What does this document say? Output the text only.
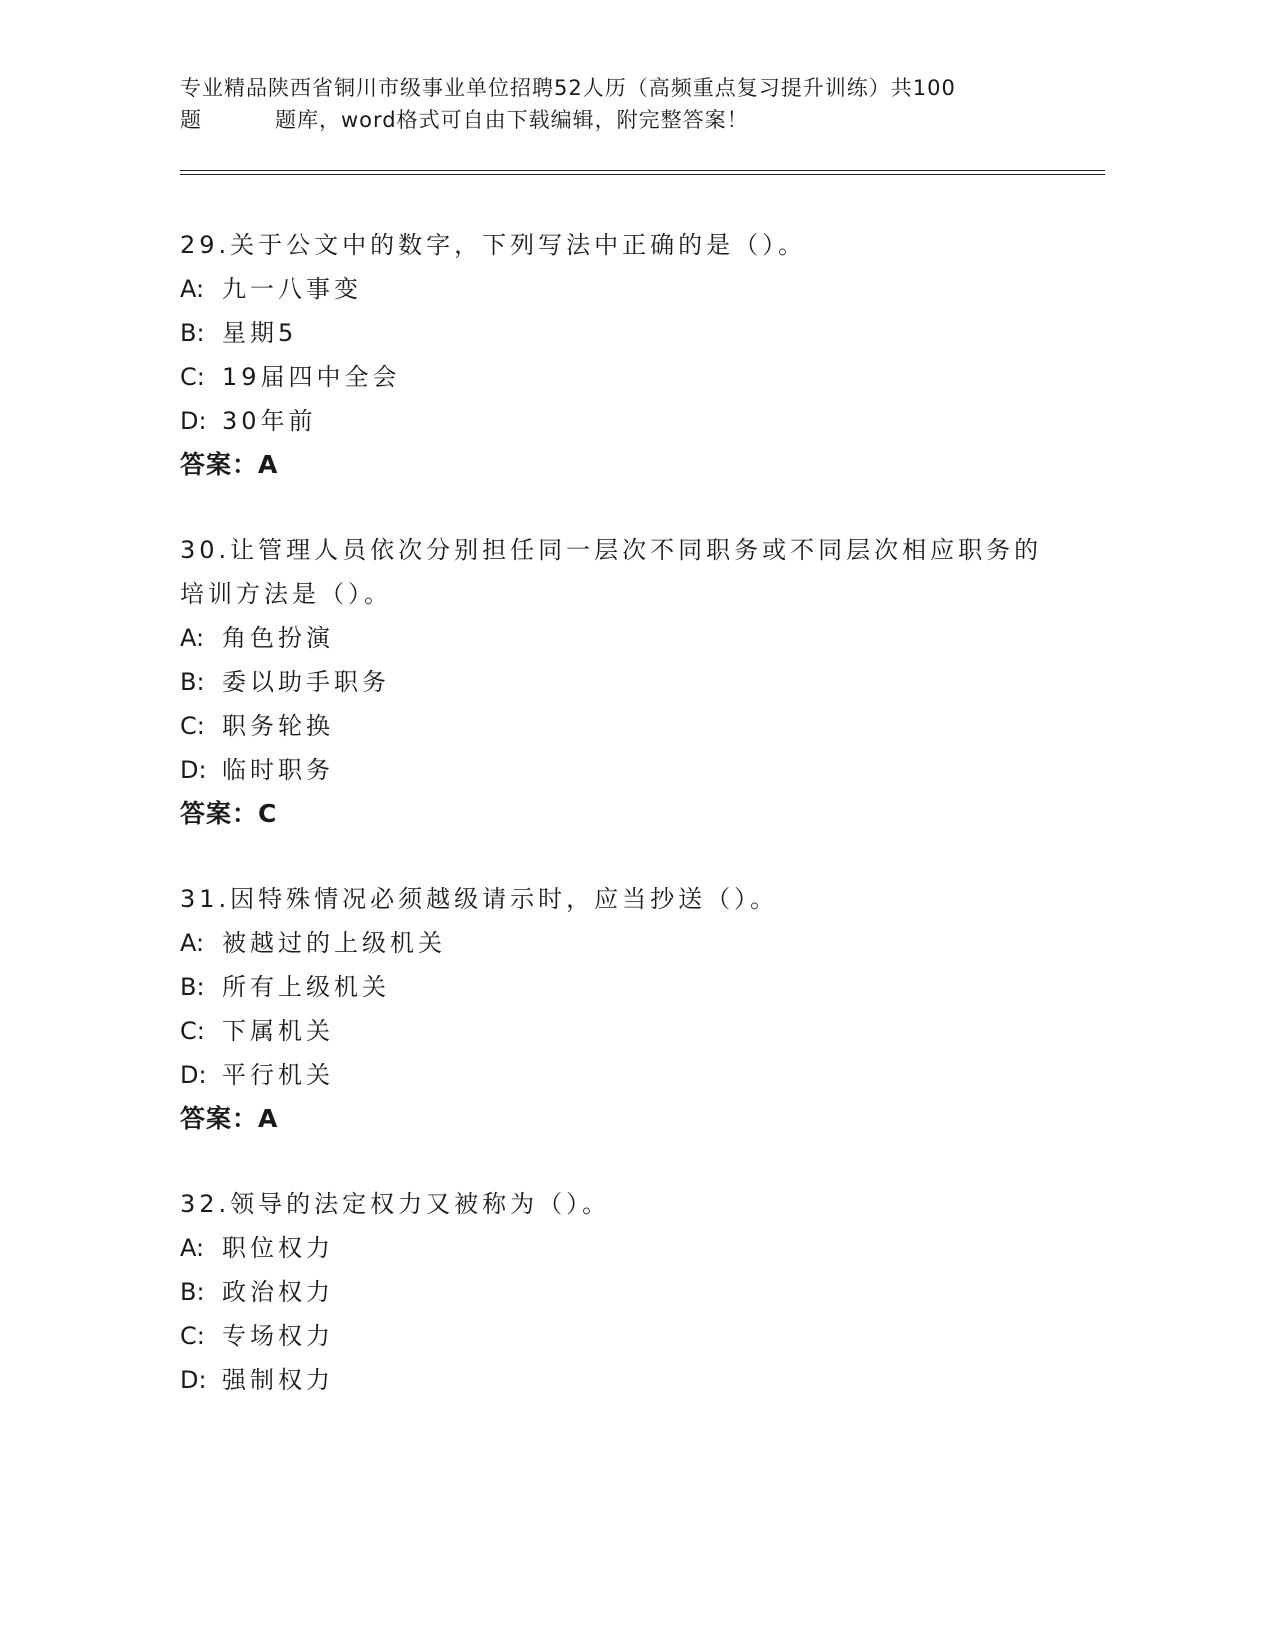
专业精品陕西省铜川市级事业单位招聘52人历（高频重点复习提升训练）共100
题	题库，word格式可自由下载编辑，附完整答案！

29.关于公文中的数字，下列写法中正确的是（）。

A: 九一八事变
B: 星期5
C: 19届四中全会
D: 30年前
答案：A

30.让管理人员依次分别担任同一层次不同职务或不同层次相应职务的

培训方法是（）。

A: 角色扮演
B: 委以助手职务
C: 职务轮换
D: 临时职务
答案：C

31.因特殊情况必须越级请示时，应当抄送（）。

A: 被越过的上级机关
B: 所有上级机关
C: 下属机关
D: 平行机关
答案：A

32.领导的法定权力又被称为（）。

A: 职位权力
B: 政治权力
C: 专场权力
D: 强制权力
